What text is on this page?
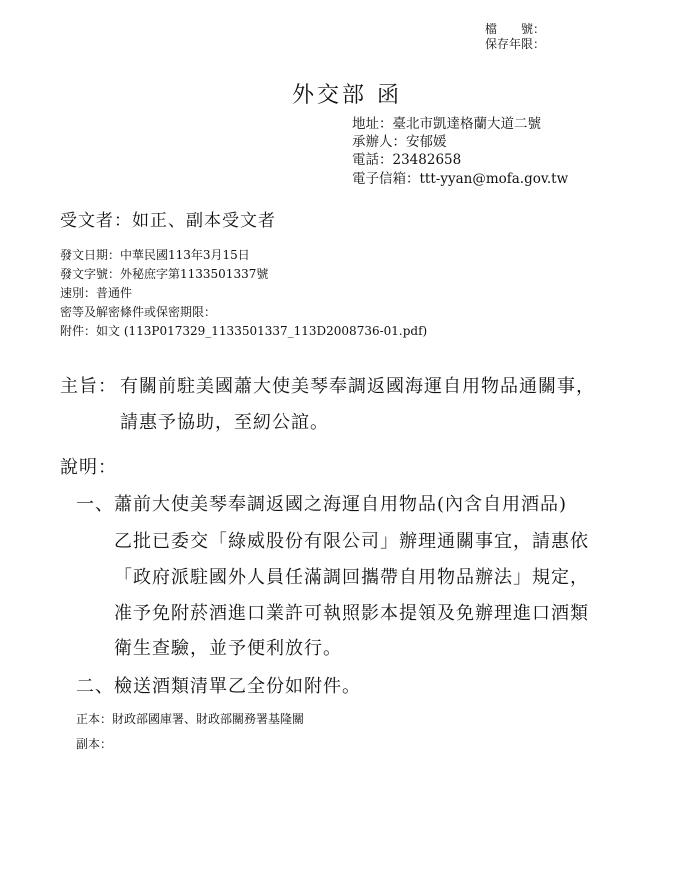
檔　　號：
保存年限：
外交部 函
地址：臺北市凱達格蘭大道二號
承辦人：安郁媛
電話：23482658
電子信箱：ttt-yyan@mofa.gov.tw
受文者：如正、副本受文者
發文日期：中華民國113年3月15日
發文字號：外秘庶字第1133501337號
速別：普通件
密等及解密條件或保密期限：
附件：如文 (113P017329_1133501337_113D2008736-01.pdf)
主旨： 有關前駐美國蕭大使美琴奉調返國海運自用物品通關事，
請惠予協助，至紉公誼。
說明：
一、 蕭前大使美琴奉調返國之海運自用物品(內含自用酒品)
乙批已委交「綠威股份有限公司」辦理通關事宜，請惠依
「政府派駐國外人員任滿調回攜帶自用物品辦法」規定，
准予免附菸酒進口業許可執照影本提領及免辦理進口酒類
衛生查驗，並予便利放行。
二、 檢送酒類清單乙全份如附件。
正本：財政部國庫署、財政部關務署基隆關
副本：
